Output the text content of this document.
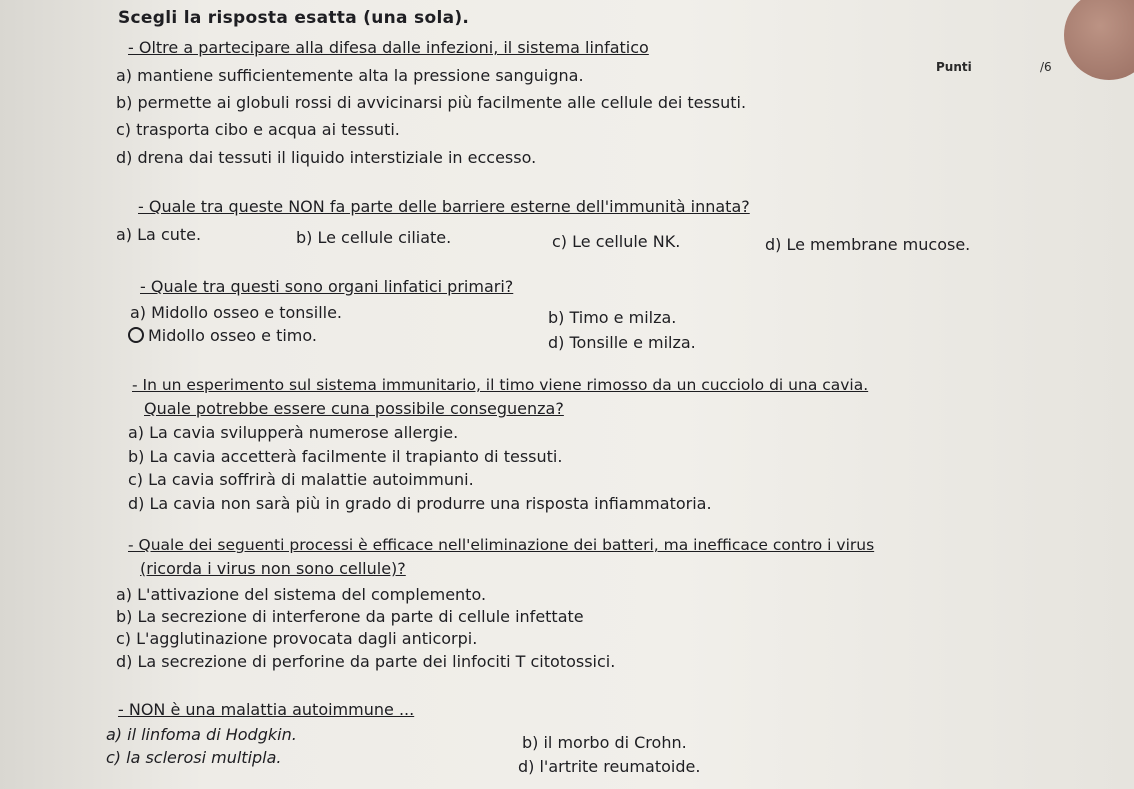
Scegli la risposta esatta (una sola).
Punti	/6
- Oltre a partecipare alla difesa dalle infezioni, il sistema linfatico
a) mantiene sufficientemente alta la pressione sanguigna.
b) permette ai globuli rossi di avvicinarsi più facilmente alle cellule dei tessuti.
c) trasporta cibo e acqua ai tessuti.
d) drena dai tessuti il liquido interstiziale in eccesso.
- Quale tra queste NON fa parte delle barriere esterne dell'immunità innata?
a) La cute.	b) Le cellule ciliate.	c) Le cellule NK.	d) Le membrane mucose.
- Quale tra questi sono organi linfatici primari?
a) Midollo osseo e tonsille.	b) Timo e milza.
Midollo osseo e timo.	d) Tonsille e milza.
- In un esperimento sul sistema immunitario, il timo viene rimosso da un cucciolo di una cavia.
Quale potrebbe essere cuna possibile conseguenza?
a) La cavia svilupperà numerose allergie.
b) La cavia accetterà facilmente il trapianto di tessuti.
c) La cavia soffrirà di malattie autoimmuni.
d) La cavia non sarà più in grado di produrre una risposta infiammatoria.
- Quale dei seguenti processi è efficace nell'eliminazione dei batteri, ma inefficace contro i virus
(ricorda i virus non sono cellule)?
a) L'attivazione del sistema del complemento.
b) La secrezione di interferone da parte di cellule infettate
c) L'agglutinazione provocata dagli anticorpi.
d) La secrezione di perforine da parte dei linfociti T citotossici.
- NON è una malattia autoimmune ...
a) il linfoma di Hodgkin.	b) il morbo di Crohn.
c) la sclerosi multipla.	d) l'artrite reumatoide.
